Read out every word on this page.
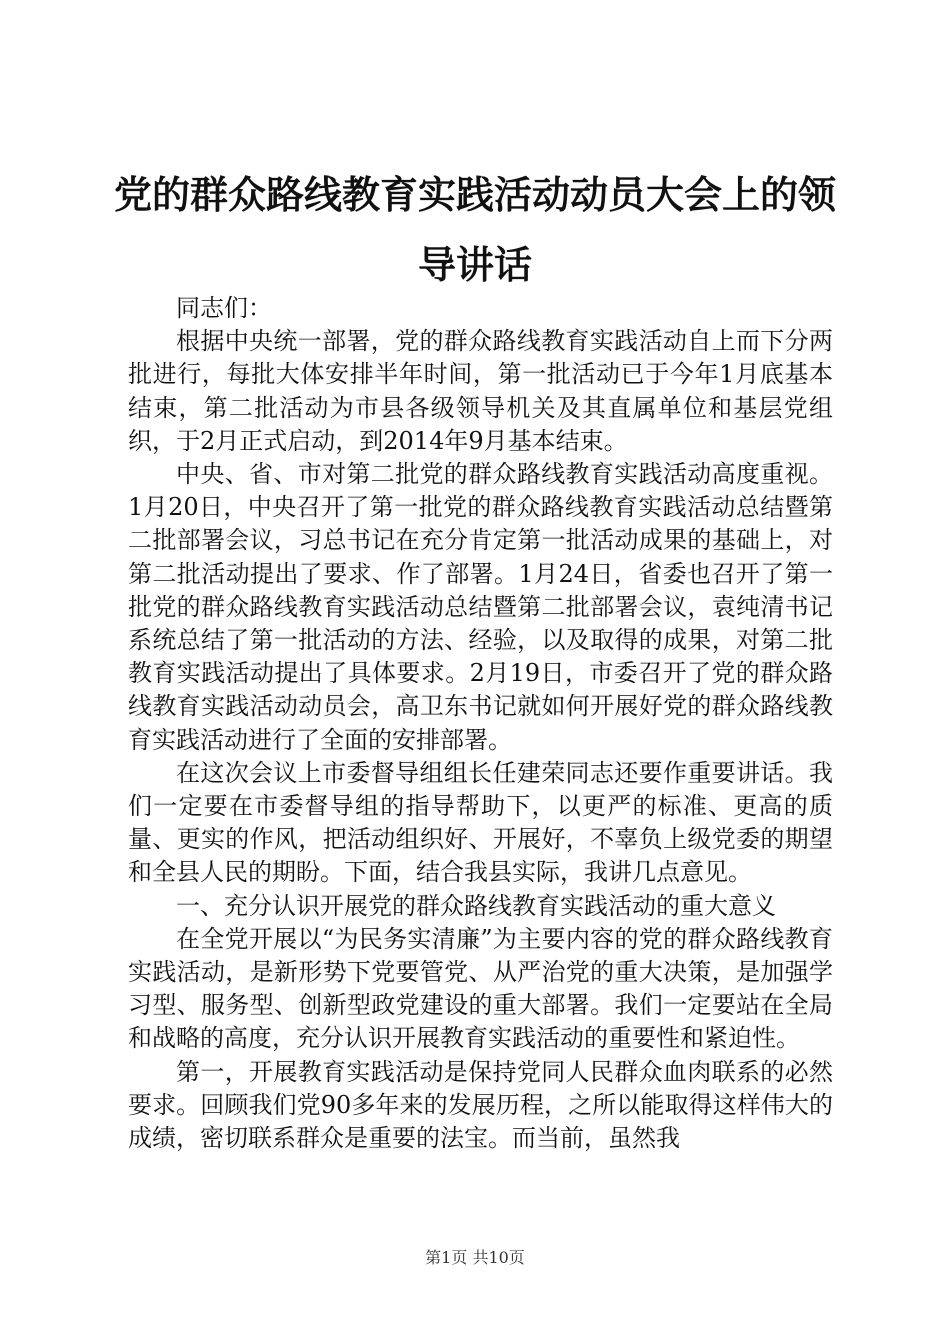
党的群众路线教育实践活动动员大会上的领导讲话

同志们：

根据中央统一部署，党的群众路线教育实践活动自上而下分两批进行，每批大体安排半年时间，第一批活动已于今年1月底基本结束，第二批活动为市县各级领导机关及其直属单位和基层党组织，于2月正式启动，到2014年9月基本结束。

中央、省、市对第二批党的群众路线教育实践活动高度重视。1月20日，中央召开了第一批党的群众路线教育实践活动总结暨第二批部署会议，习总书记在充分肯定第一批活动成果的基础上，对第二批活动提出了要求、作了部署。1月24日，省委也召开了第一批党的群众路线教育实践活动总结暨第二批部署会议，袁纯清书记系统总结了第一批活动的方法、经验，以及取得的成果，对第二批教育实践活动提出了具体要求。2月19日，市委召开了党的群众路线教育实践活动动员会，高卫东书记就如何开展好党的群众路线教育实践活动进行了全面的安排部署。

在这次会议上市委督导组组长任建荣同志还要作重要讲话。我们一定要在市委督导组的指导帮助下，以更严的标准、更高的质量、更实的作风，把活动组织好、开展好，不辜负上级党委的期望和全县人民的期盼。下面，结合我县实际，我讲几点意见。

一、充分认识开展党的群众路线教育实践活动的重大意义

在全党开展以“为民务实清廉”为主要内容的党的群众路线教育实践活动，是新形势下党要管党、从严治党的重大决策，是加强学习型、服务型、创新型政党建设的重大部署。我们一定要站在全局和战略的高度，充分认识开展教育实践活动的重要性和紧迫性。

第一，开展教育实践活动是保持党同人民群众血肉联系的必然要求。回顾我们党90多年来的发展历程，之所以能取得这样伟大的成绩，密切联系群众是重要的法宝。而当前，虽然我

第1页 共10页
